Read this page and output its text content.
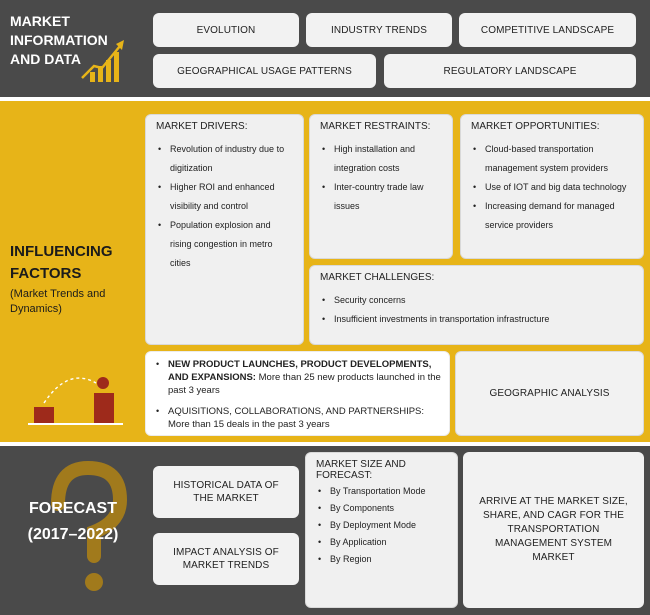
MARKET
INFORMATION
AND DATA
EVOLUTION	INDUSTRY TRENDS	COMPETITIVE LANDSCAPE
GEOGRAPHICAL USAGE PATTERNS	REGULATORY LANDSCAPE
INFLUENCING
FACTORS
(Market Trends and Dynamics)
MARKET DRIVERS:
• Revolution of industry due to digitization
• Higher ROI and enhanced visibility and control
• Population explosion and rising congestion in metro cities
MARKET RESTRAINTS:
• High installation and integration costs
• Inter-country trade law issues
MARKET OPPORTUNITIES:
• Cloud-based transportation management system providers
• Use of IOT and big data technology
• Increasing demand for managed service providers
MARKET CHALLENGES:
• Security concerns
• Insufficient investments in transportation infrastructure
• NEW PRODUCT LAUNCHES, PRODUCT DEVELOPMENTS, AND EXPANSIONS: More than 25 new products launched in the past 3 years
• AQUISITIONS, COLLABORATIONS, AND PARTNERSHIPS: More than 15 deals in the past 3 years
GEOGRAPHIC ANALYSIS
FORECAST
(2017–2022)
HISTORICAL DATA OF THE MARKET
IMPACT ANALYSIS OF MARKET TRENDS
MARKET SIZE AND FORECAST:
• By Transportation Mode
• By Components
• By Deployment Mode
• By Application
• By Region
ARRIVE AT THE MARKET SIZE, SHARE, AND CAGR FOR THE TRANSPORTATION MANAGEMENT SYSTEM MARKET
